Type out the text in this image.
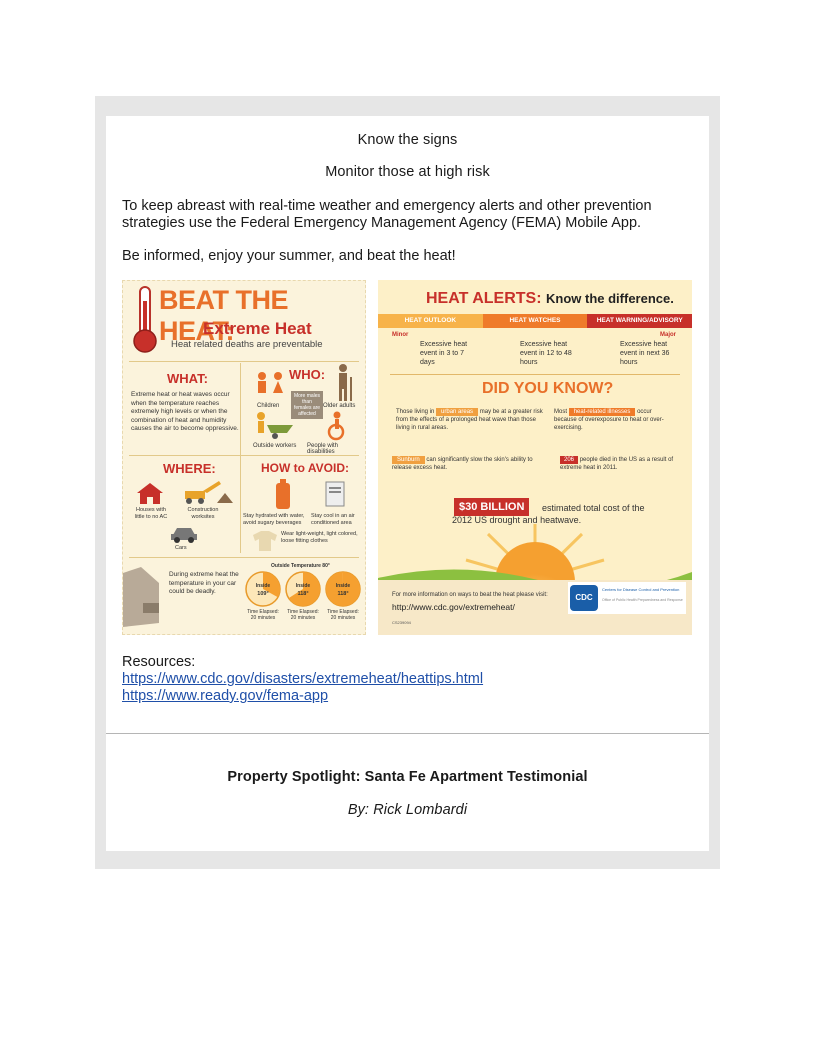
Know the signs
Monitor those at high risk
To keep abreast with real-time weather and emergency alerts and other prevention strategies use the Federal Emergency Management Agency (FEMA) Mobile App.
Be informed, enjoy your summer, and beat the heat!
BEAT THE HEAT:
Extreme Heat
Heat related deaths are preventable
WHAT:
Extreme heat or heat waves occur when the temperature reaches extremely high levels or when the combination of heat and humidity causes the air to become oppressive.
WHO:
Children	Older adults
More males than females are affected
Outside workers People with disabilities
WHERE:
Houses with little to no AC
Construction worksites
Cars
HOW to AVOID:
Stay hydrated with water, avoid sugary beverages
Stay cool in an air conditioned area
Wear light-weight, light colored, loose fitting clothes
During extreme heat the temperature in your car could be deadly.
Outside Temperature 80°
Inside
109°
Inside
118°
Inside
118°
Time Elapsed:
20 minutes
Time Elapsed:
20 minutes
Time Elapsed:
20 minutes
HEAT ALERTS: Know the difference.
HEAT OUTLOOK	HEAT WATCHES	HEAT WARNING/ADVISORY
Minor	Major
Excessive heat event in 3 to 7 days
Excessive heat event in 12 to 48 hours
Excessive heat event in next 36 hours
DID YOU KNOW?
Those living in urban areas may be at a greater risk from the effects of a prolonged heat wave than those living in rural areas.
Most heat-related illnesses occur because of overexposure to heat or over-exercising.
Sunburn can significantly slow the skin's ability to release excess heat.
206 people died in the US as a result of extreme heat in 2011.
$30 BILLION	estimated total cost of the 2012 US drought and heatwave.
For more information on ways to beat the heat please visit:
http://www.cdc.gov/extremeheat/
CS239094
CDC
Centers for Disease Control and Prevention
Office of Public Health Preparedness and Response
Resources:
https://www.cdc.gov/disasters/extremeheat/heattips.html
https://www.ready.gov/fema-app
Property Spotlight: Santa Fe Apartment Testimonial
By: Rick Lombardi
